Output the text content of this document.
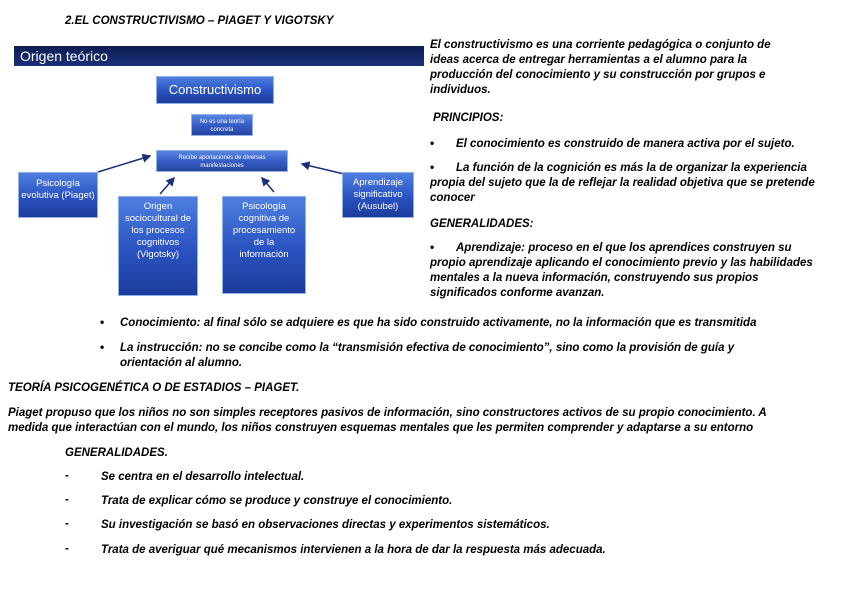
2.EL CONSTRUCTIVISMO – PIAGET Y VIGOTSKY
Origen teórico
Constructivismo
No es una teoría concreta
Recibe aportaciones de diversas manifestaciones
Psicología evolutiva (Piaget)
Aprendizaje significativo (Ausubel)
Origen sociocultural de los procesos cognitivos (Vigotsky)
Psicología cognitiva de procesamiento de la información
El constructivismo es una corriente pedagógica o conjunto de ideas acerca de entregar herramientas a el alumno para la producción del conocimiento y su construcción por grupos e individuos.
PRINCIPIOS:
• El conocimiento es construido de manera activa por el sujeto.
•	La función de la cognición es más la de organizar la experiencia propia del sujeto que la de reflejar la realidad objetiva que se pretende conocer
GENERALIDADES:
•	Aprendizaje: proceso en el que los aprendices construyen su propio aprendizaje aplicando el conocimiento previo y las habilidades mentales a la nueva información, construyendo sus propios significados conforme avanzan.
• Conocimiento: al final sólo se adquiere es que ha sido construido activamente, no la información que es transmitida
• La instrucción: no se concibe como la “transmisión efectiva de conocimiento”, sino como la provisión de guía y orientación al alumno.
TEORÍA PSICOGENÉTICA O DE ESTADIOS – PIAGET.
Piaget propuso que los niños no son simples receptores pasivos de información, sino constructores activos de su propio conocimiento. A medida que interactúan con el mundo, los niños construyen esquemas mentales que les permiten comprender y adaptarse a su entorno
GENERALIDADES.
-	Se centra en el desarrollo intelectual.
-	Trata de explicar cómo se produce y construye el conocimiento.
-	Su investigación se basó en observaciones directas y experimentos sistemáticos.
-	Trata de averiguar qué mecanismos intervienen a la hora de dar la respuesta más adecuada.
